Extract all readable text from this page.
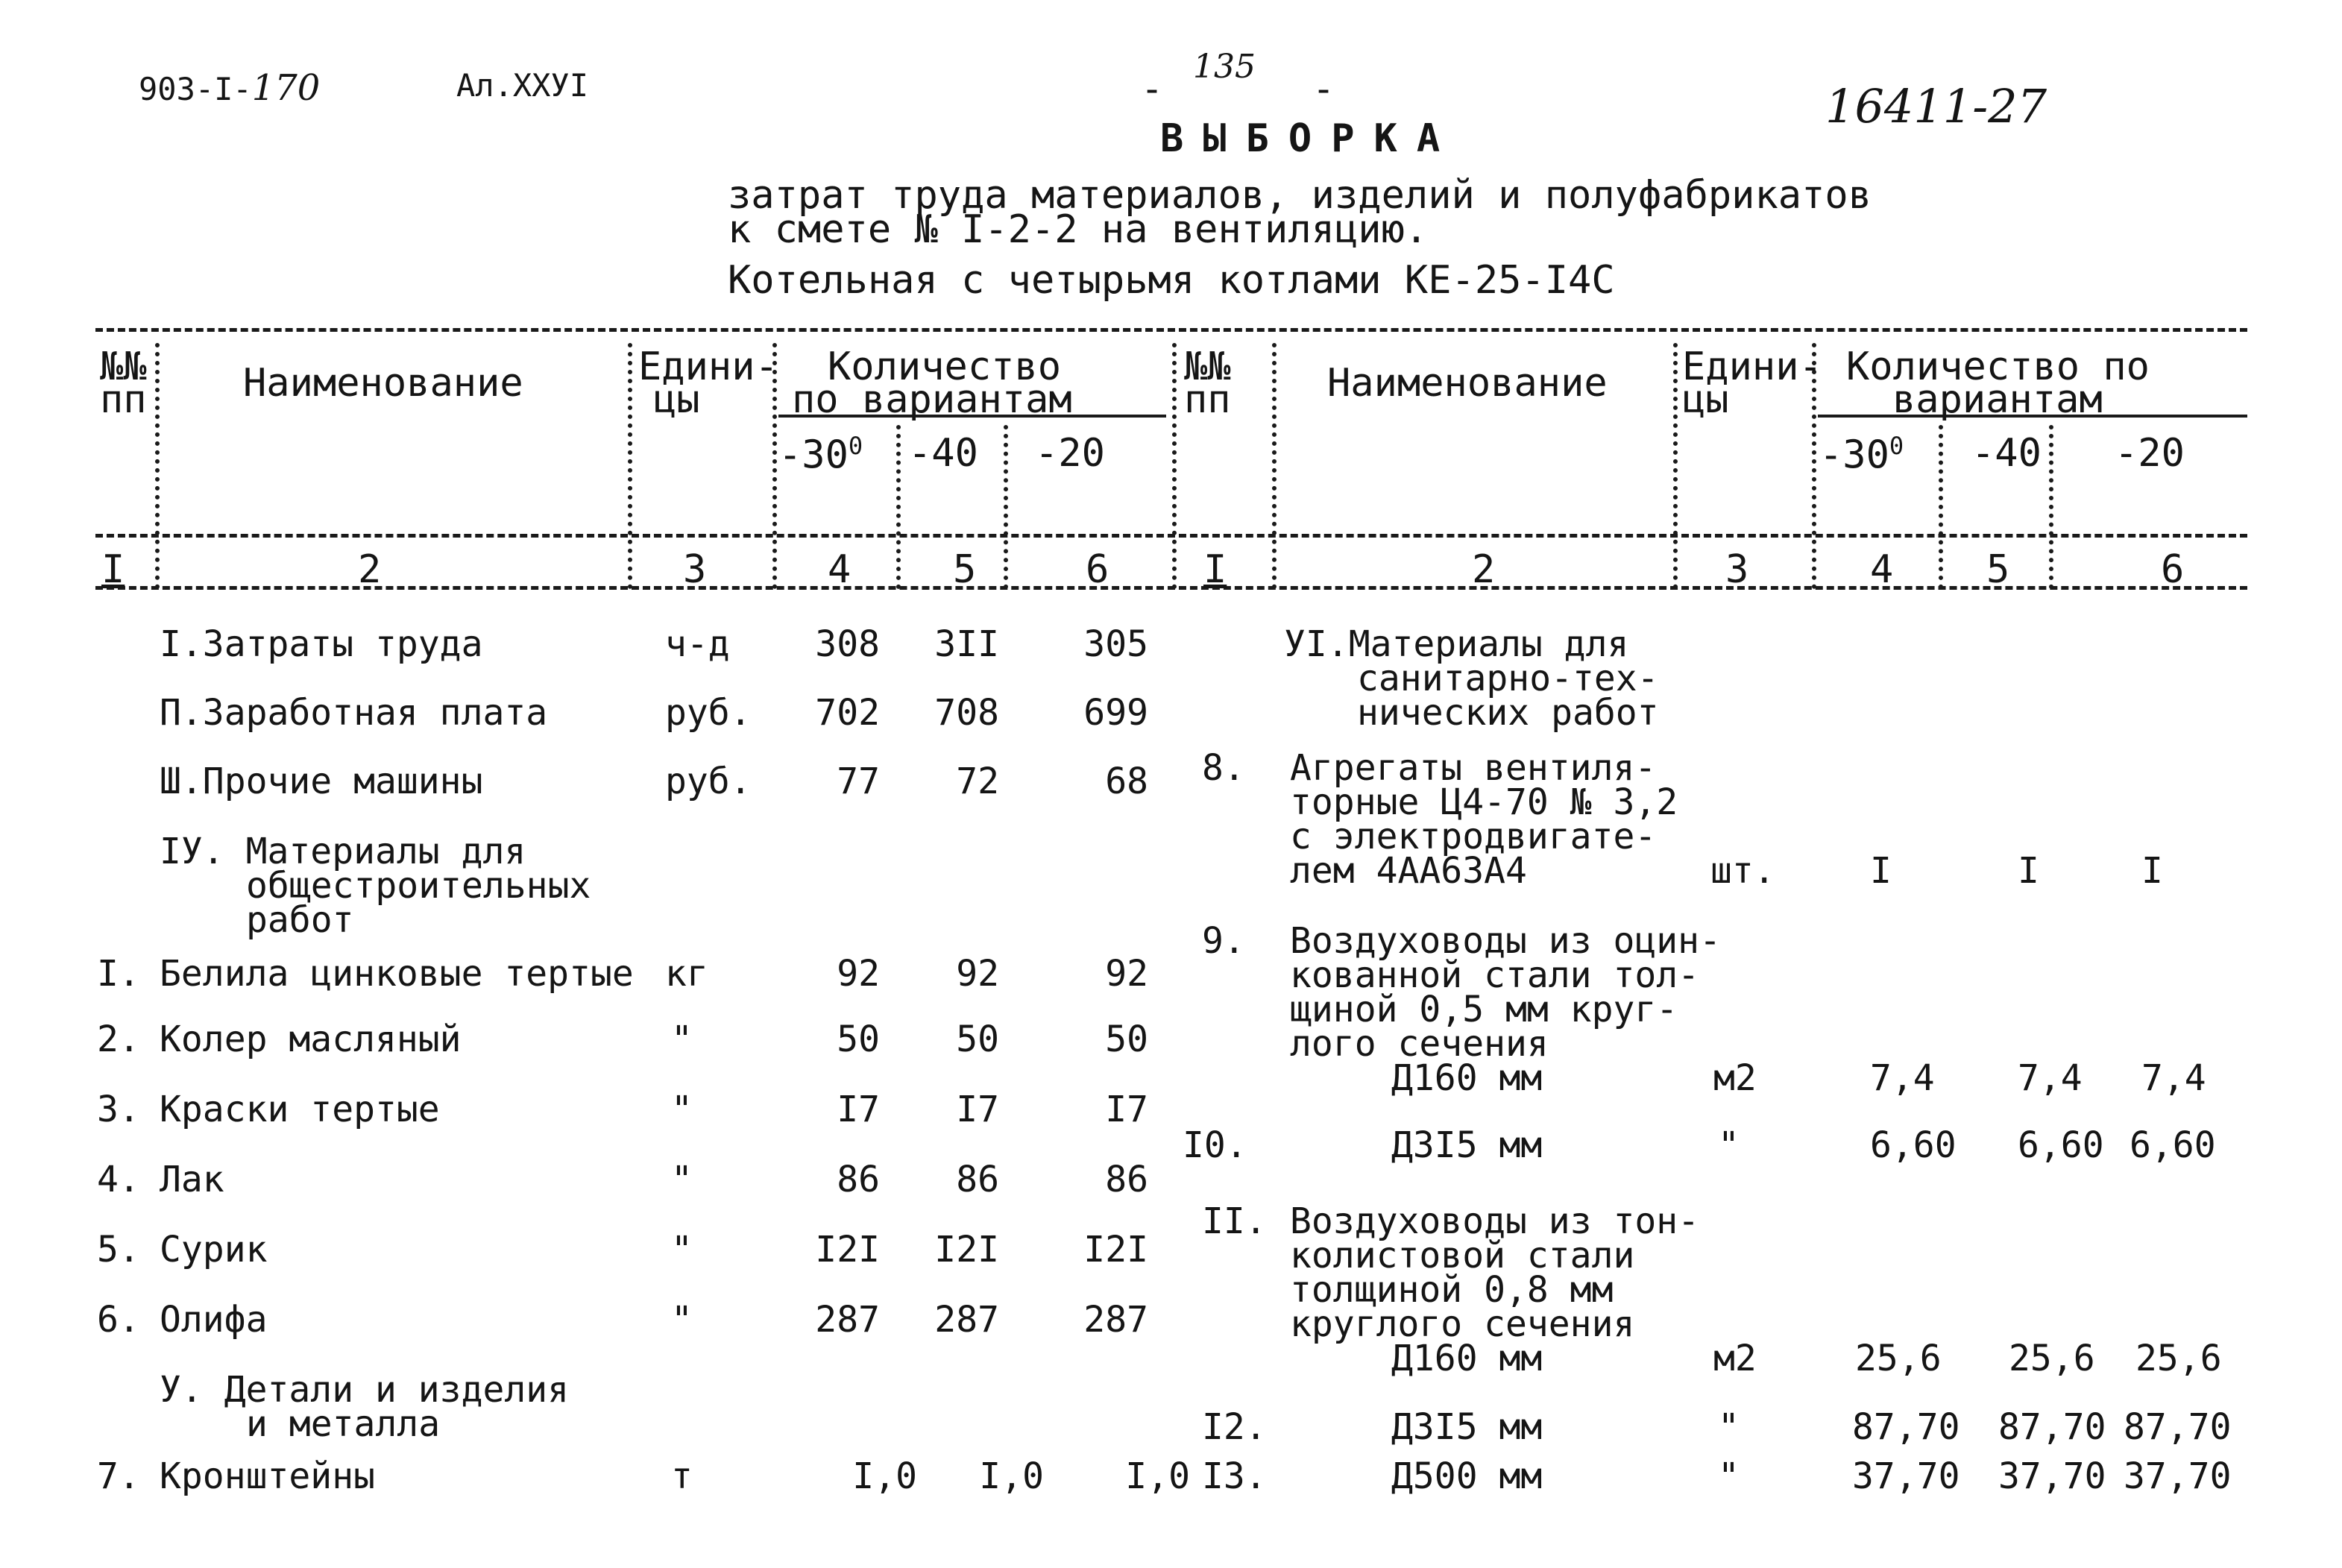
903-I-170	Ал.XXУI	-
135
-	16411-27
ВЫБОРКА
затрат труда материалов, изделий и полуфабрикатов
к смете № I-2-2 на вентиляцию.
Котельная с четырьмя котлами КЕ-25-I4С
№№
пп Наименование	Едини-
цы
Количество
по вариантам
$-30^0$ -40 -20
I	2	3	4	5	6
№№
пп Наименование Едини-
цы
Количество по
вариантам
$-30^0$ -40 -20
I	2	3	4 5	6
I.Затраты труда	ч-д	308	3II	305
П.Заработная плата	руб.	702	708	699
Ш.Прочие машины	руб.	77	72	68
IУ. Материалы для
общестроительных
работ
I. Белила цинковые тертые кг	92	92	92
2. Колер масляный	"	50	50	50
3. Краски тертые	"	I7	I7	I7
4. Лак	"	86	86	86
5. Сурик	"	I2I	I2I	I2I
6. Олифа	"	287	287	287
У. Детали и изделия
и металла
7. Кронштейны	т	I,0	I,0	I,0
УI.Материалы для
санитарно-тех-
нических работ
8. Агрегаты вентиля-
торные Ц4-70 № 3,2
с электродвигате-
лем 4АА63А4	шт.	I	I	I
9. Воздуховоды из оцин-
кованной стали тол-
щиной 0,5 мм круг-
лого сечения
Д160 мм	м2	7,4 7,4 7,4
I0.	Д3I5 мм	"	6,60 6,60 6,60
II. Воздуховоды из тон-
колистовой стали
толщиной 0,8 мм
круглого сечения
Д160 мм	м2	25,6 25,6 25,6
I2.	Д3I5 мм	"	87,70 87,70 87,70
I3.	Д500 мм	"	37,70 37,70 37,70
